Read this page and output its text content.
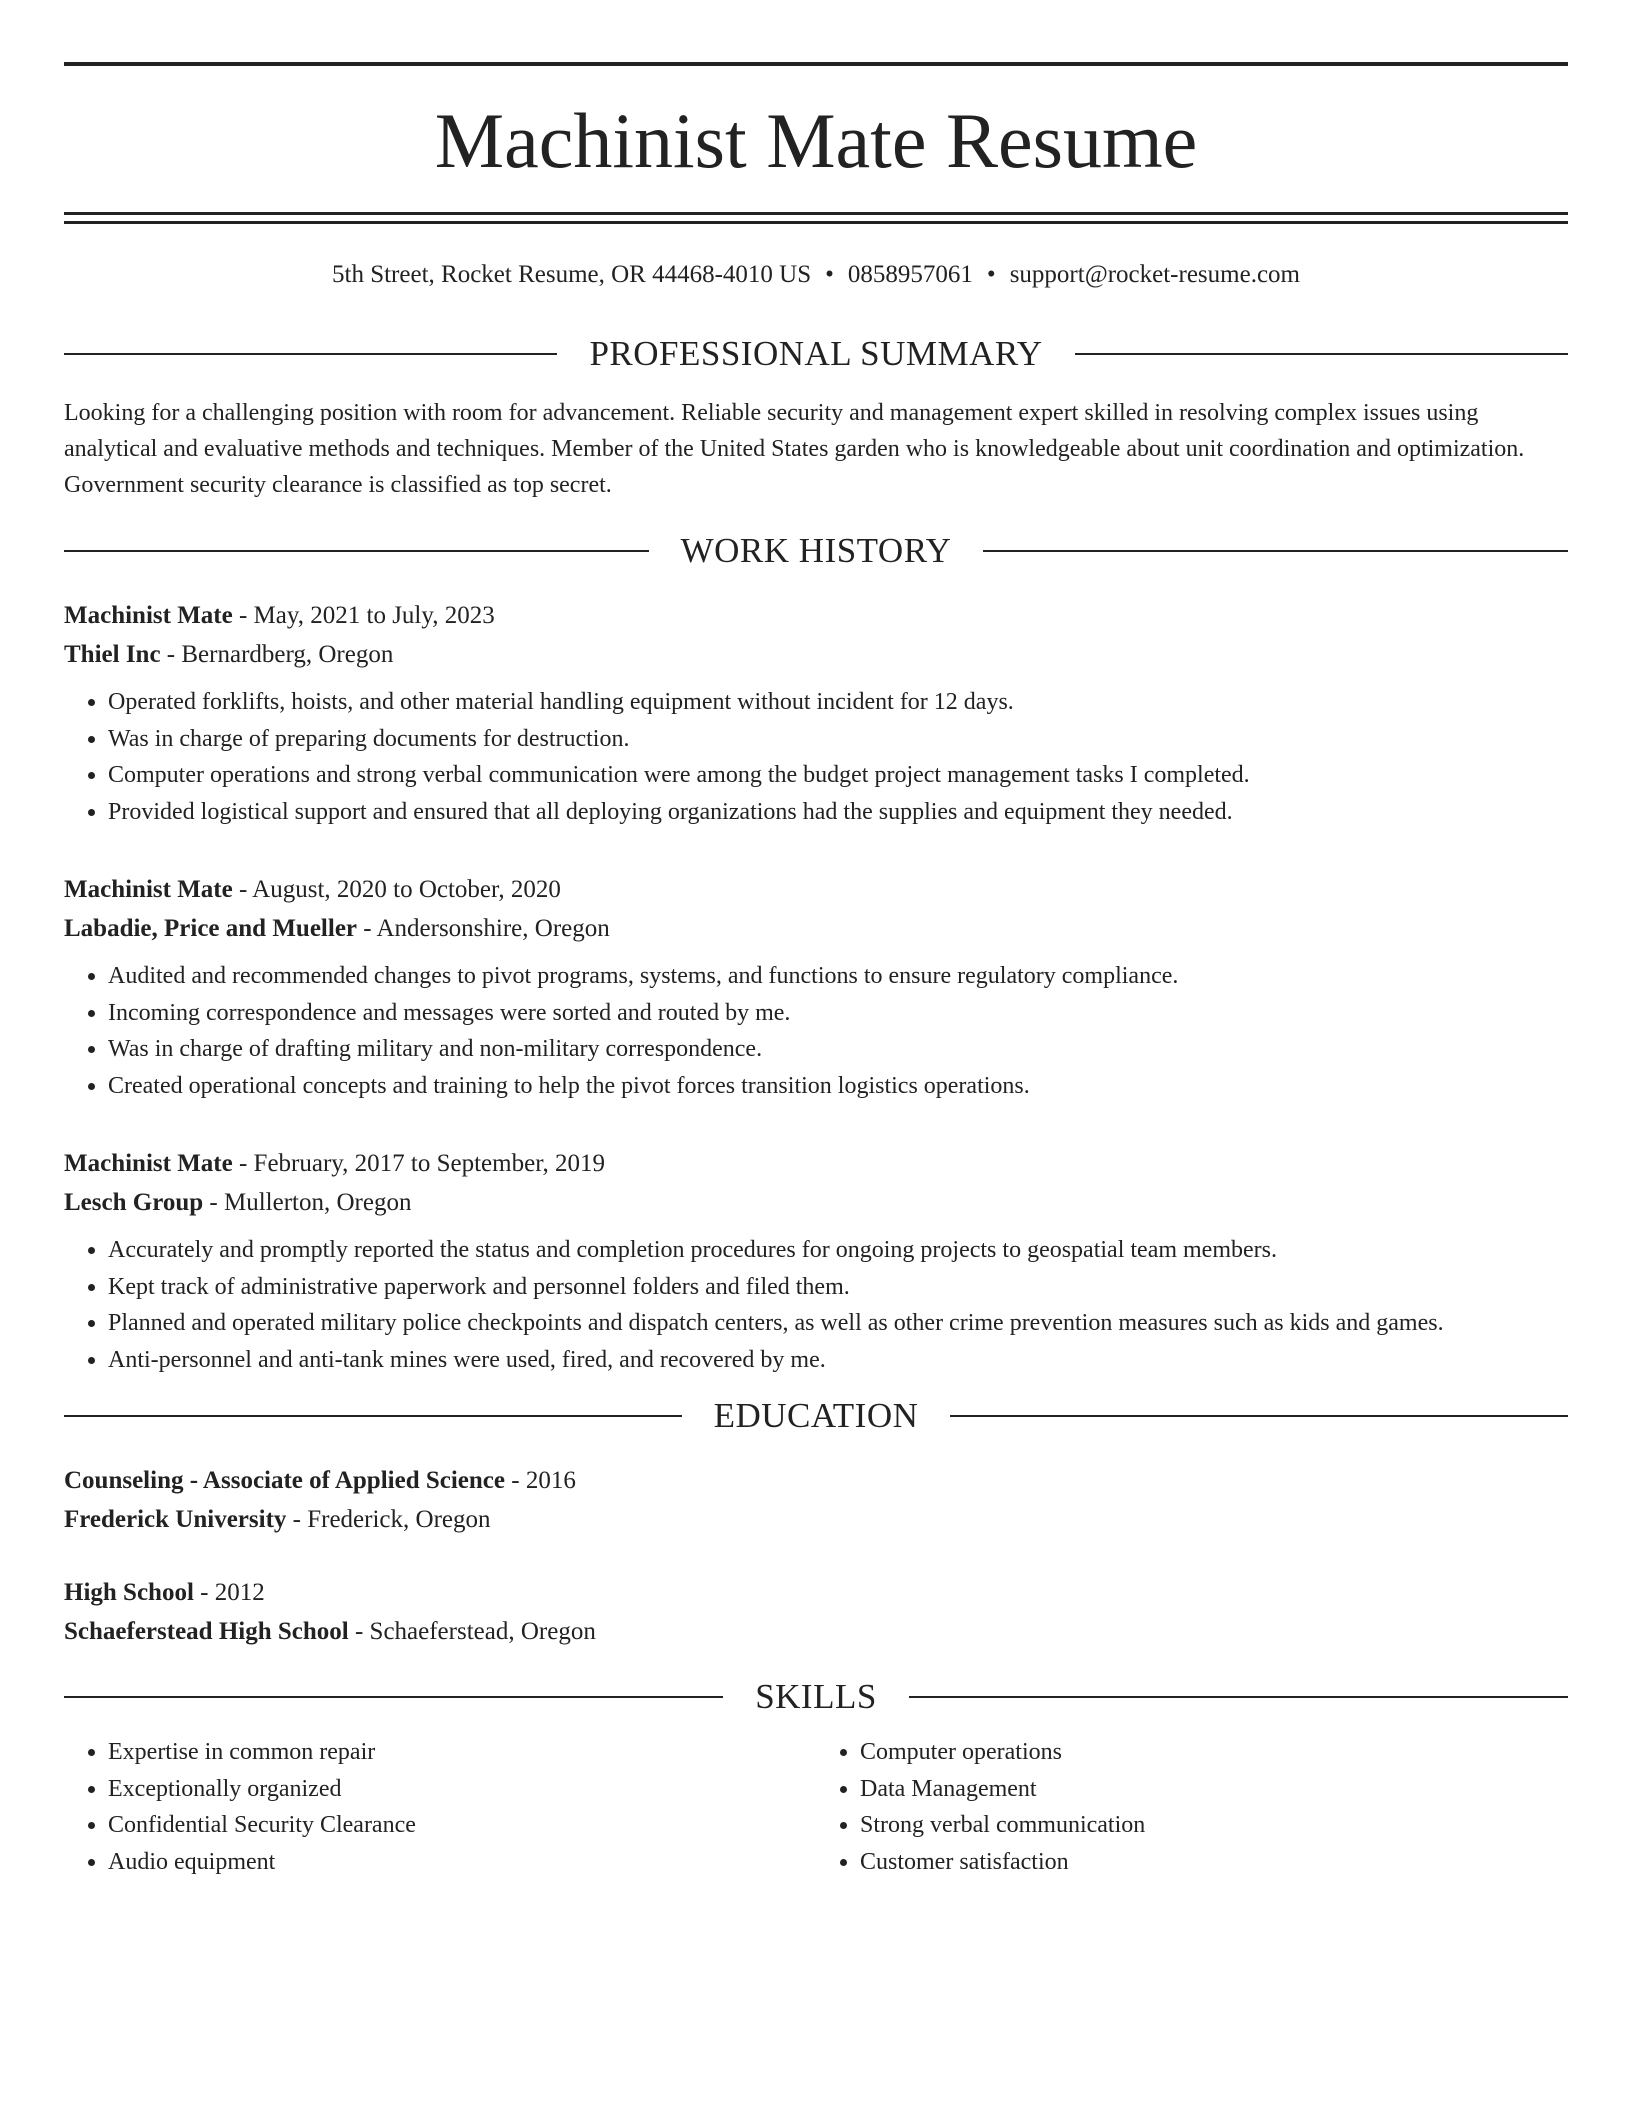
Machinist Mate Resume
5th Street, Rocket Resume, OR 44468-4010 US • 0858957061 • support@rocket-resume.com
PROFESSIONAL SUMMARY
Looking for a challenging position with room for advancement. Reliable security and management expert skilled in resolving complex issues using analytical and evaluative methods and techniques. Member of the United States garden who is knowledgeable about unit coordination and optimization. Government security clearance is classified as top secret.
WORK HISTORY
Machinist Mate - May, 2021 to July, 2023
Thiel Inc - Bernardberg, Oregon
• Operated forklifts, hoists, and other material handling equipment without incident for 12 days.
• Was in charge of preparing documents for destruction.
• Computer operations and strong verbal communication were among the budget project management tasks I completed.
• Provided logistical support and ensured that all deploying organizations had the supplies and equipment they needed.
Machinist Mate - August, 2020 to October, 2020
Labadie, Price and Mueller - Andersonshire, Oregon
• Audited and recommended changes to pivot programs, systems, and functions to ensure regulatory compliance.
• Incoming correspondence and messages were sorted and routed by me.
• Was in charge of drafting military and non-military correspondence.
• Created operational concepts and training to help the pivot forces transition logistics operations.
Machinist Mate - February, 2017 to September, 2019
Lesch Group - Mullerton, Oregon
• Accurately and promptly reported the status and completion procedures for ongoing projects to geospatial team members.
• Kept track of administrative paperwork and personnel folders and filed them.
• Planned and operated military police checkpoints and dispatch centers, as well as other crime prevention measures such as kids and games.
• Anti-personnel and anti-tank mines were used, fired, and recovered by me.
EDUCATION
Counseling - Associate of Applied Science - 2016
Frederick University - Frederick, Oregon
High School - 2012
Schaeferstead High School - Schaeferstead, Oregon
SKILLS
• Expertise in common repair
• Exceptionally organized
• Confidential Security Clearance
• Audio equipment
• Computer operations
• Data Management
• Strong verbal communication
• Customer satisfaction
